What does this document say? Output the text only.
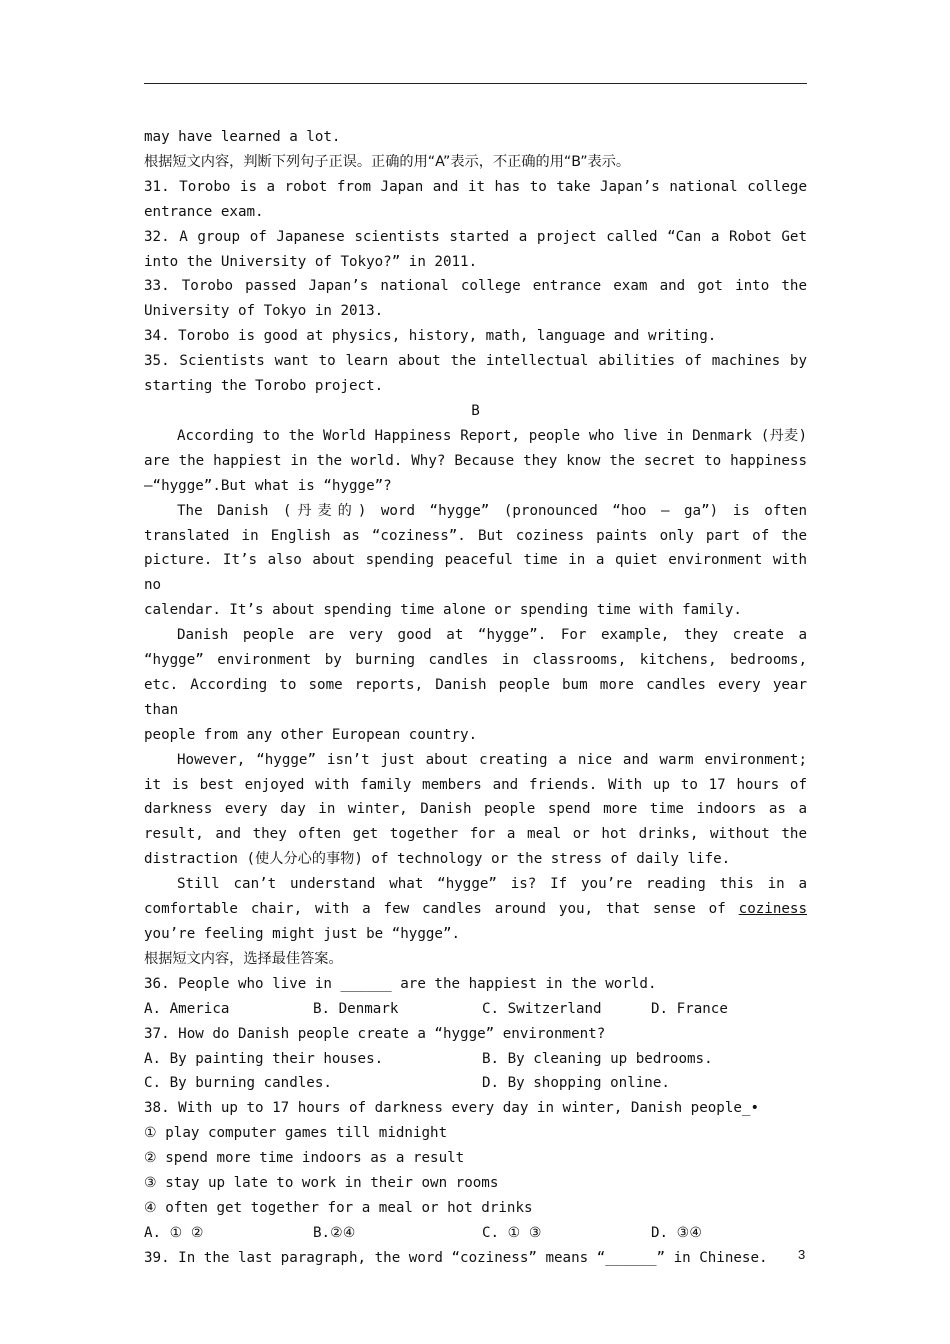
may have learned a lot.

根据短文内容，判断下列句子正误。正确的用“A”表示，不正确的用“B”表示。

31. Torobo is a robot from Japan and it has to take Japan’s national college

entrance exam.

32. A group of Japanese scientists started a project called “Can a Robot Get

into the University of Tokyo?” in 2011.

33. Torobo passed Japan’s national college entrance exam and got into the

University of Tokyo in 2013.

34. Torobo is good at physics, history, math, language and writing.

35. Scientists want to learn about the intellectual abilities of machines by

starting the Torobo project.

B

According to the World Happiness Report, people who live in Denmark (丹麦)

are the happiest in the world. Why? Because they know the secret to happiness

—“hygge”.But what is “hygge”?

The Danish (丹麦的) word “hygge” (pronounced “hoo — ga”) is often

translated in English as “coziness”. But coziness paints only part of the

picture. It’s also about spending peaceful time in a quiet environment with no

calendar. It’s about spending time alone or spending time with family.

Danish people are very good at “hygge”. For example, they create a

“hygge” environment by burning candles in classrooms, kitchens, bedrooms,

etc. According to some reports, Danish people bum more candles every year than

people from any other European country.

However, “hygge” isn’t just about creating a nice and warm environment;

it is best enjoyed with family members and friends. With up to 17 hours of

darkness every day in winter, Danish people spend more time indoors as a

result, and they often get together for a meal or hot drinks, without the

distraction (使人分心的事物) of technology or the stress of daily life.

Still can’t understand what “hygge” is? If you’re reading this in a

comfortable chair, with a few candles around you, that sense of coziness

you’re feeling might just be “hygge”.

根据短文内容，选择最佳答案。

36. People who live in ______ are the happiest in the world.

A. America	B. Denmark	C. Switzerland	D. France

37. How do Danish people create a “hygge” environment?

A. By painting their houses.	B. By cleaning up bedrooms.
C. By burning candles.	D. By shopping online.

38. With up to 17 hours of darkness every day in winter, Danish people_•

① play computer games till midnight

② spend more time indoors as a result

③ stay up late to work in their own rooms

④ often get together for a meal or hot drinks

A. ① ②	B.②④	C. ① ③	D. ③④

39. In the last paragraph, the word “coziness” means “______” in Chinese.	3
